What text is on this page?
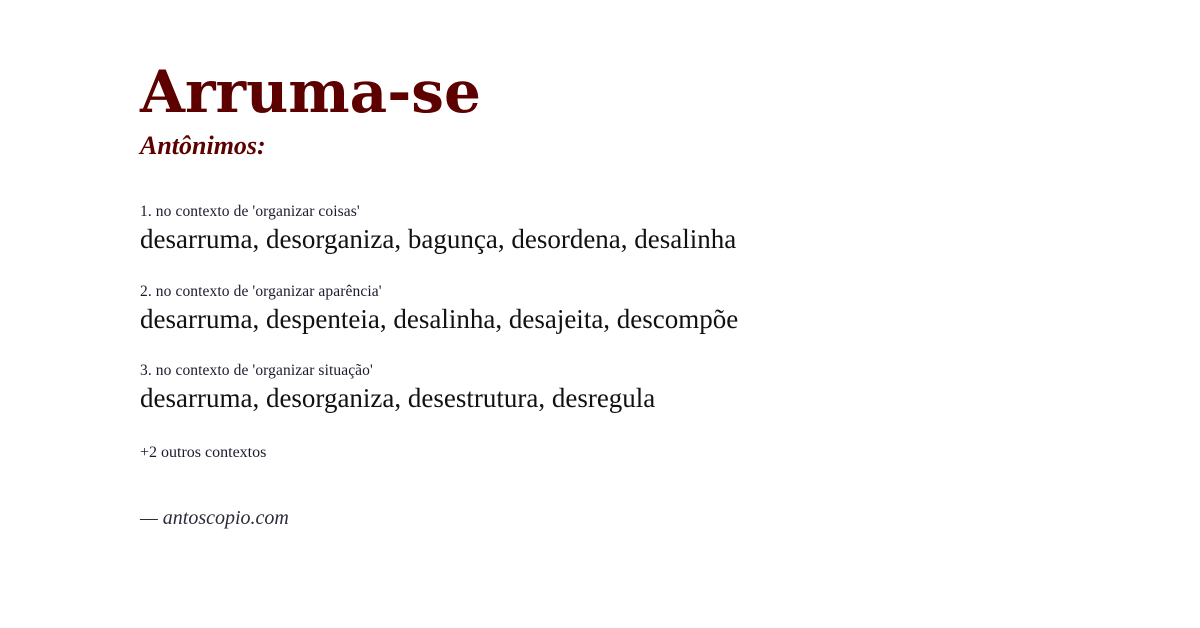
Arruma-se
Antônimos:
1. no contexto de 'organizar coisas'
desarruma, desorganiza, bagunça, desordena, desalinha
2. no contexto de 'organizar aparência'
desarruma, despenteia, desalinha, desajeita, descompõe
3. no contexto de 'organizar situação'
desarruma, desorganiza, desestrutura, desregula
+2 outros contextos
— antoscopio.com
